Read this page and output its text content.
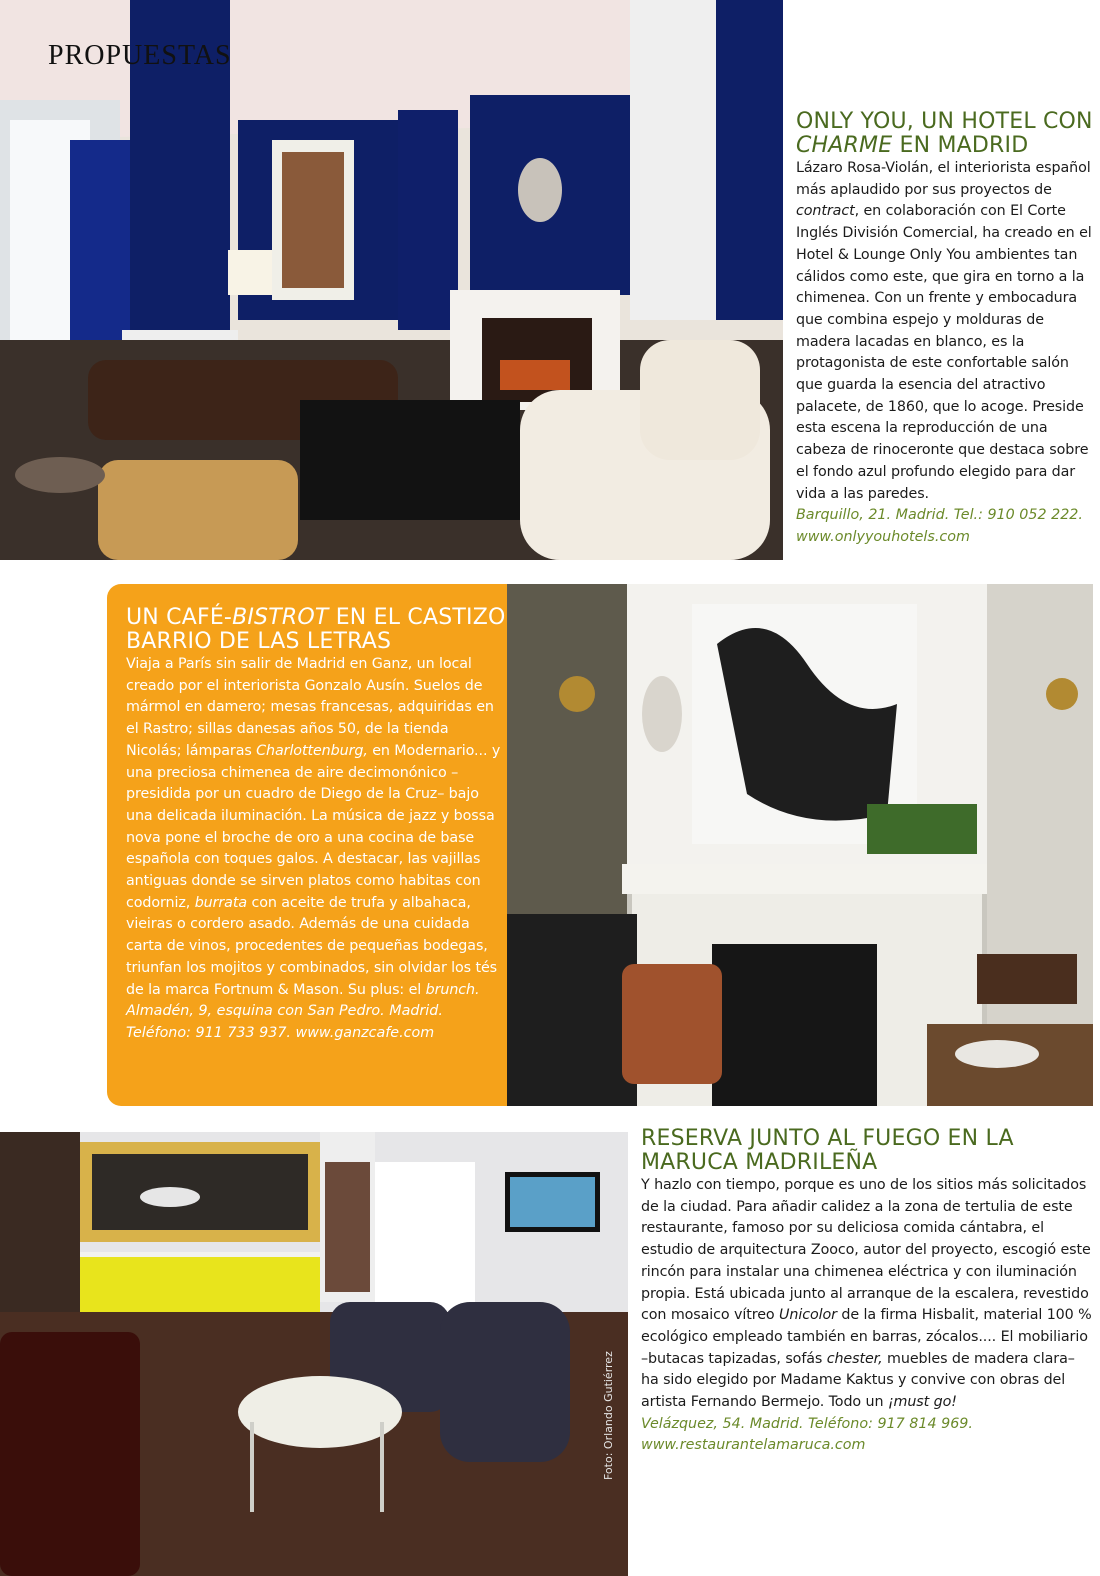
PROPUESTAS
ONLY YOU, UN HOTEL CON CHARME EN MADRID

Lázaro Rosa-Violán, el interiorista español más aplaudido por sus proyectos de contract, en colaboración con El Corte Inglés División Comercial, ha creado en el Hotel & Lounge Only You ambientes tan cálidos como este, que gira en torno a la chimenea. Con un frente y embocadura que combina espejo y molduras de madera lacadas en blanco, es la protagonista de este confortable salón que guarda la esencia del atractivo palacete, de 1860, que lo acoge. Preside esta escena la reproducción de una cabeza de rinoceronte que destaca sobre el fondo azul profundo elegido para dar vida a las paredes.

Barquillo, 21. Madrid. Tel.: 910 052 222.

www.onlyyouhotels.com

UN CAFÉ-BISTROT EN EL CASTIZO BARRIO DE LAS LETRAS

Viaja a París sin salir de Madrid en Ganz, un local creado por el interiorista Gonzalo Ausín. Suelos de mármol en damero; mesas francesas, adquiridas en el Rastro; sillas danesas años 50, de la tienda Nicolás; lámparas Charlottenburg, en Modernario... y una preciosa chimenea de aire decimonónico –presidida por un cuadro de Diego de la Cruz– bajo una delicada iluminación. La música de jazz y bossa nova pone el broche de oro a una cocina de base española con toques galos. A destacar, las vajillas antiguas donde se sirven platos como habitas con codorniz, burrata con aceite de trufa y albahaca, vieiras o cordero asado. Además de una cuidada carta de vinos, procedentes de pequeñas bodegas, triunfan los mojitos y combinados, sin olvidar los tés de la marca Fortnum & Mason. Su plus: el brunch.

Almadén, 9, esquina con San Pedro. Madrid.

Teléfono: 911 733 937. www.ganzcafe.com

RESERVA JUNTO AL FUEGO EN LA MARUCA MADRILEÑA

Y hazlo con tiempo, porque es uno de los sitios más solicitados de la ciudad. Para añadir calidez a la zona de tertulia de este restaurante, famoso por su deliciosa comida cántabra, el estudio de arquitectura Zooco, autor del proyecto, escogió este rincón para instalar una chimenea eléctrica y con iluminación propia. Está ubicada junto al arranque de la escalera, revestido con mosaico vítreo Unicolor de la firma Hisbalit, material 100 % ecológico empleado también en barras, zócalos.... El mobiliario –butacas tapizadas, sofás chester, muebles de madera clara– ha sido elegido por Madame Kaktus y convive con obras del artista Fernando Bermejo. Todo un ¡must go!

Velázquez, 54. Madrid. Teléfono: 917 814 969.

www.restaurantelamaruca.com
